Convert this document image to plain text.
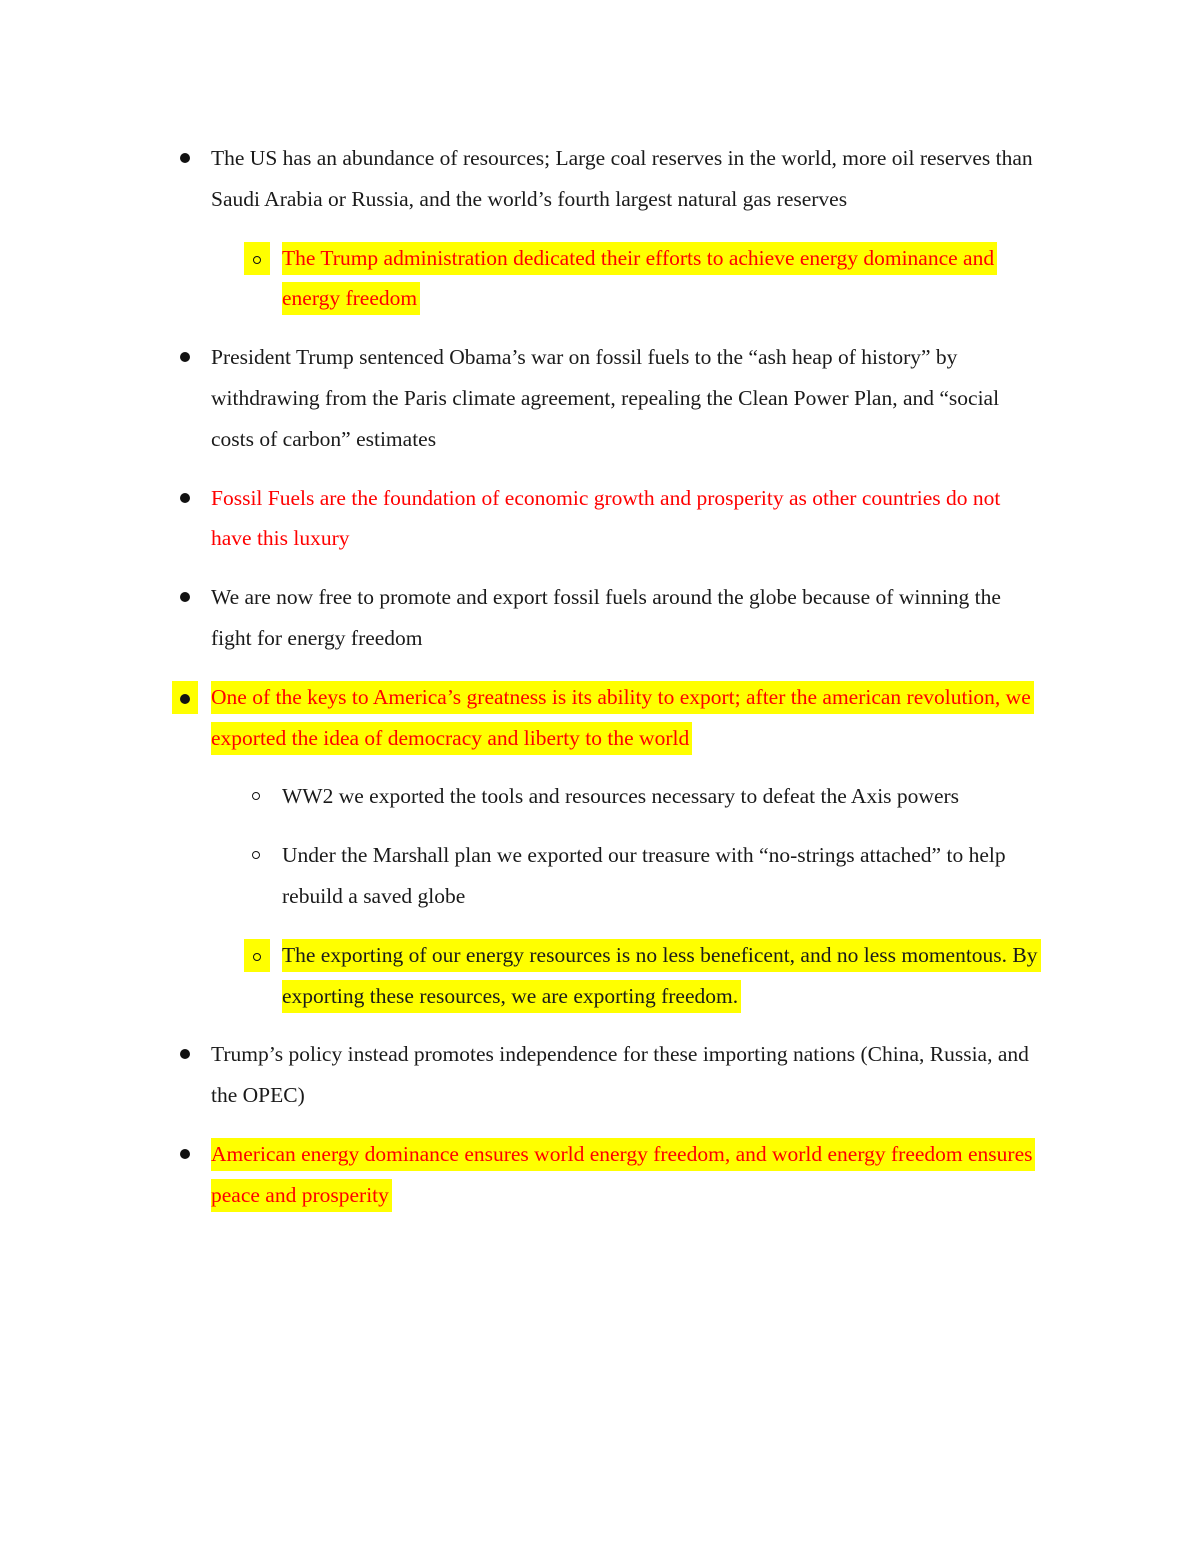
The US has an abundance of resources; Large coal reserves in the world, more oil reserves than Saudi Arabia or Russia, and the world’s fourth largest natural gas reserves
The Trump administration dedicated their efforts to achieve energy dominance and energy freedom
President Trump sentenced Obama’s war on fossil fuels to the “ash heap of history” by withdrawing from the Paris climate agreement, repealing the Clean Power Plan, and “social costs of carbon” estimates
Fossil Fuels are the foundation of economic growth and prosperity as other countries do not have this luxury
We are now free to promote and export fossil fuels around the globe because of winning the fight for energy freedom
One of the keys to America’s greatness is its ability to export; after the american revolution, we exported the idea of democracy and liberty to the world
WW2 we exported the tools and resources necessary to defeat the Axis powers
Under the Marshall plan we exported our treasure with “no-strings attached” to help rebuild a saved globe
The exporting of our energy resources is no less beneficent, and no less momentous. By exporting these resources, we are exporting freedom.
Trump’s policy instead promotes independence for these importing nations (China, Russia, and the OPEC)
American energy dominance ensures world energy freedom, and world energy freedom ensures peace and prosperity
